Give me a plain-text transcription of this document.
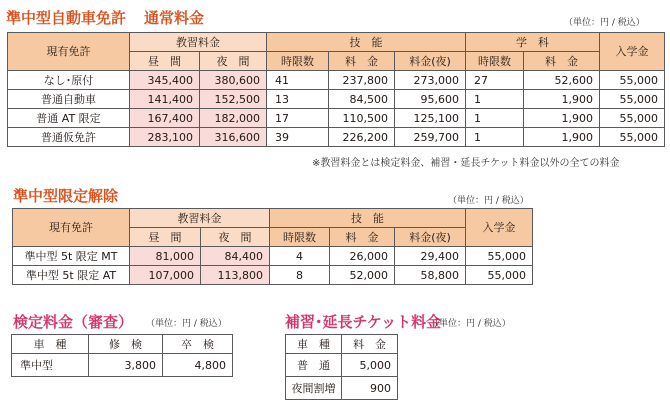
準中型自動車免許 通常料金	（単位：円 / 税込）
現有免許	教習料金		技　能			学　科		入学金
	昼　間	夜　間	時限数	料　金	料金(夜)	時限数	料　金	
なし･原付	345,400	380,600	41	237,800	273,000	27	52,600	55,000
普通自動車	141,400	152,500	13	84,500	95,600	1	1,900	55,000
普通 AT 限定	167,400	182,000	17	110,500	125,100	1	1,900	55,000
普通仮免許	283,100	316,600	39	226,200	259,700	1	1,900	55,000
※教習料金とは検定料金、補習・延長チケット料金以外の全ての料金
準中型限定解除	（単位：円 / 税込）
現有免許	教習料金		技　能			入学金
	昼　間	夜　間	時限数	料　金	料金(夜)	
準中型 5t 限定 MT	81,000	84,400	4	26,000	29,400	55,000
準中型 5t 限定 AT	107,000	113,800	8	52,000	58,800	55,000
検定料金（審査） （単位：円 / 税込）
車　種	修　検	卒　検
準中型	3,800	4,800
補習･延長チケット料金
（単位：円 / 税込）
車　種	料　金
普　通	5,000
夜間割増	900
